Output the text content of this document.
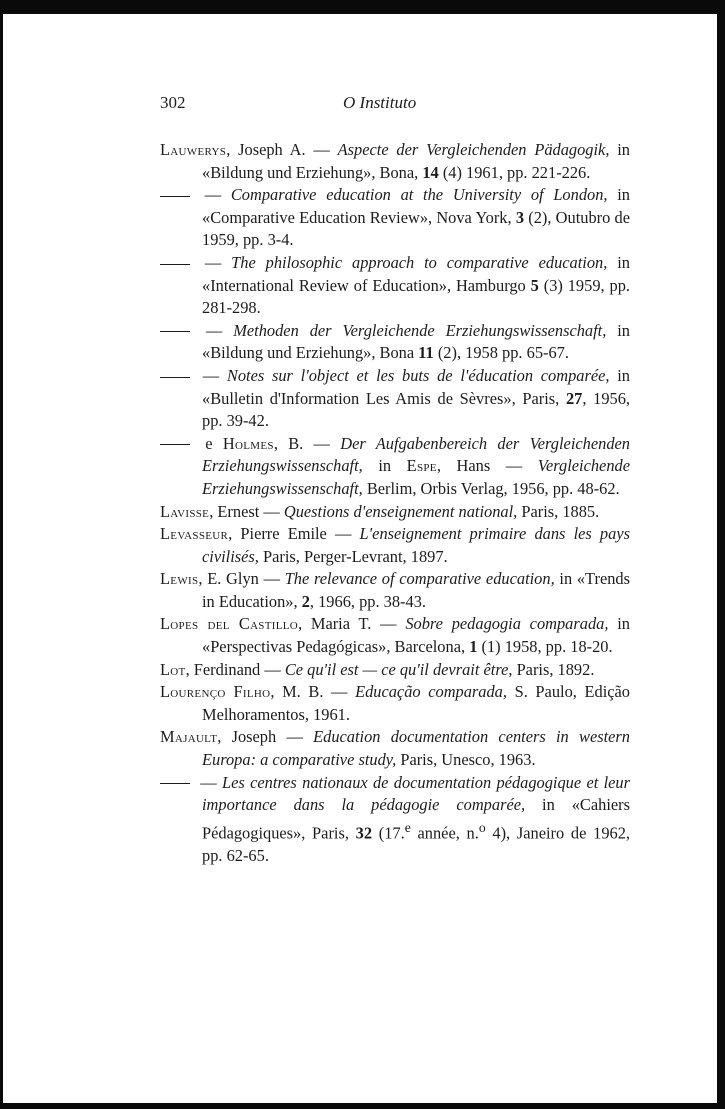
302	O Instituto
Lauwerys, Joseph A. — Aspecte der Vergleichenden Pädagogik, in «Bildung und Erziehung», Bona, 14 (4) 1961, pp. 221-226.
— Comparative education at the University of London, in «Comparative Education Review», Nova York, 3 (2), Outubro de 1959, pp. 3-4.
— The philosophic approach to comparative education, in «International Review of Education», Hamburgo 5 (3) 1959, pp. 281-298.
— Methoden der Vergleichende Erziehungswissenschaft, in «Bildung und Erziehung», Bona 11 (2), 1958 pp. 65-67.
— Notes sur l'object et les buts de l'éducation comparée, in «Bulletin d'Information Les Amis de Sèvres», Paris, 27, 1956, pp. 39-42.
e Holmes, B. — Der Aufgabenbereich der Vergleichenden Erziehungswissenschaft, in Espe, Hans — Vergleichende Erziehungswissenschaft, Berlim, Orbis Verlag, 1956, pp. 48-62.
Lavisse, Ernest — Questions d'enseignement national, Paris, 1885.
Levasseur, Pierre Emile — L'enseignement primaire dans les pays civilisés, Paris, Perger-Levrant, 1897.
Lewis, E. Glyn — The relevance of comparative education, in «Trends in Education», 2, 1966, pp. 38-43.
Lopes del Castillo, Maria T. — Sobre pedagogia comparada, in «Perspectivas Pedagógicas», Barcelona, 1 (1) 1958, pp. 18-20.
Lot, Ferdinand — Ce qu'il est — ce qu'il devrait être, Paris, 1892.
Lourenço Filho, M. B. — Educação comparada, S. Paulo, Edição Melhoramentos, 1961.
Majault, Joseph — Education documentation centers in western Europa: a comparative study, Paris, Unesco, 1963.
— Les centres nationaux de documentation pédagogique et leur importance dans la pédagogie comparée, in «Cahiers Pédagogiques», Paris, 32 (17.$^e$ année, n.$^o$ 4), Janeiro de 1962, pp. 62-65.
